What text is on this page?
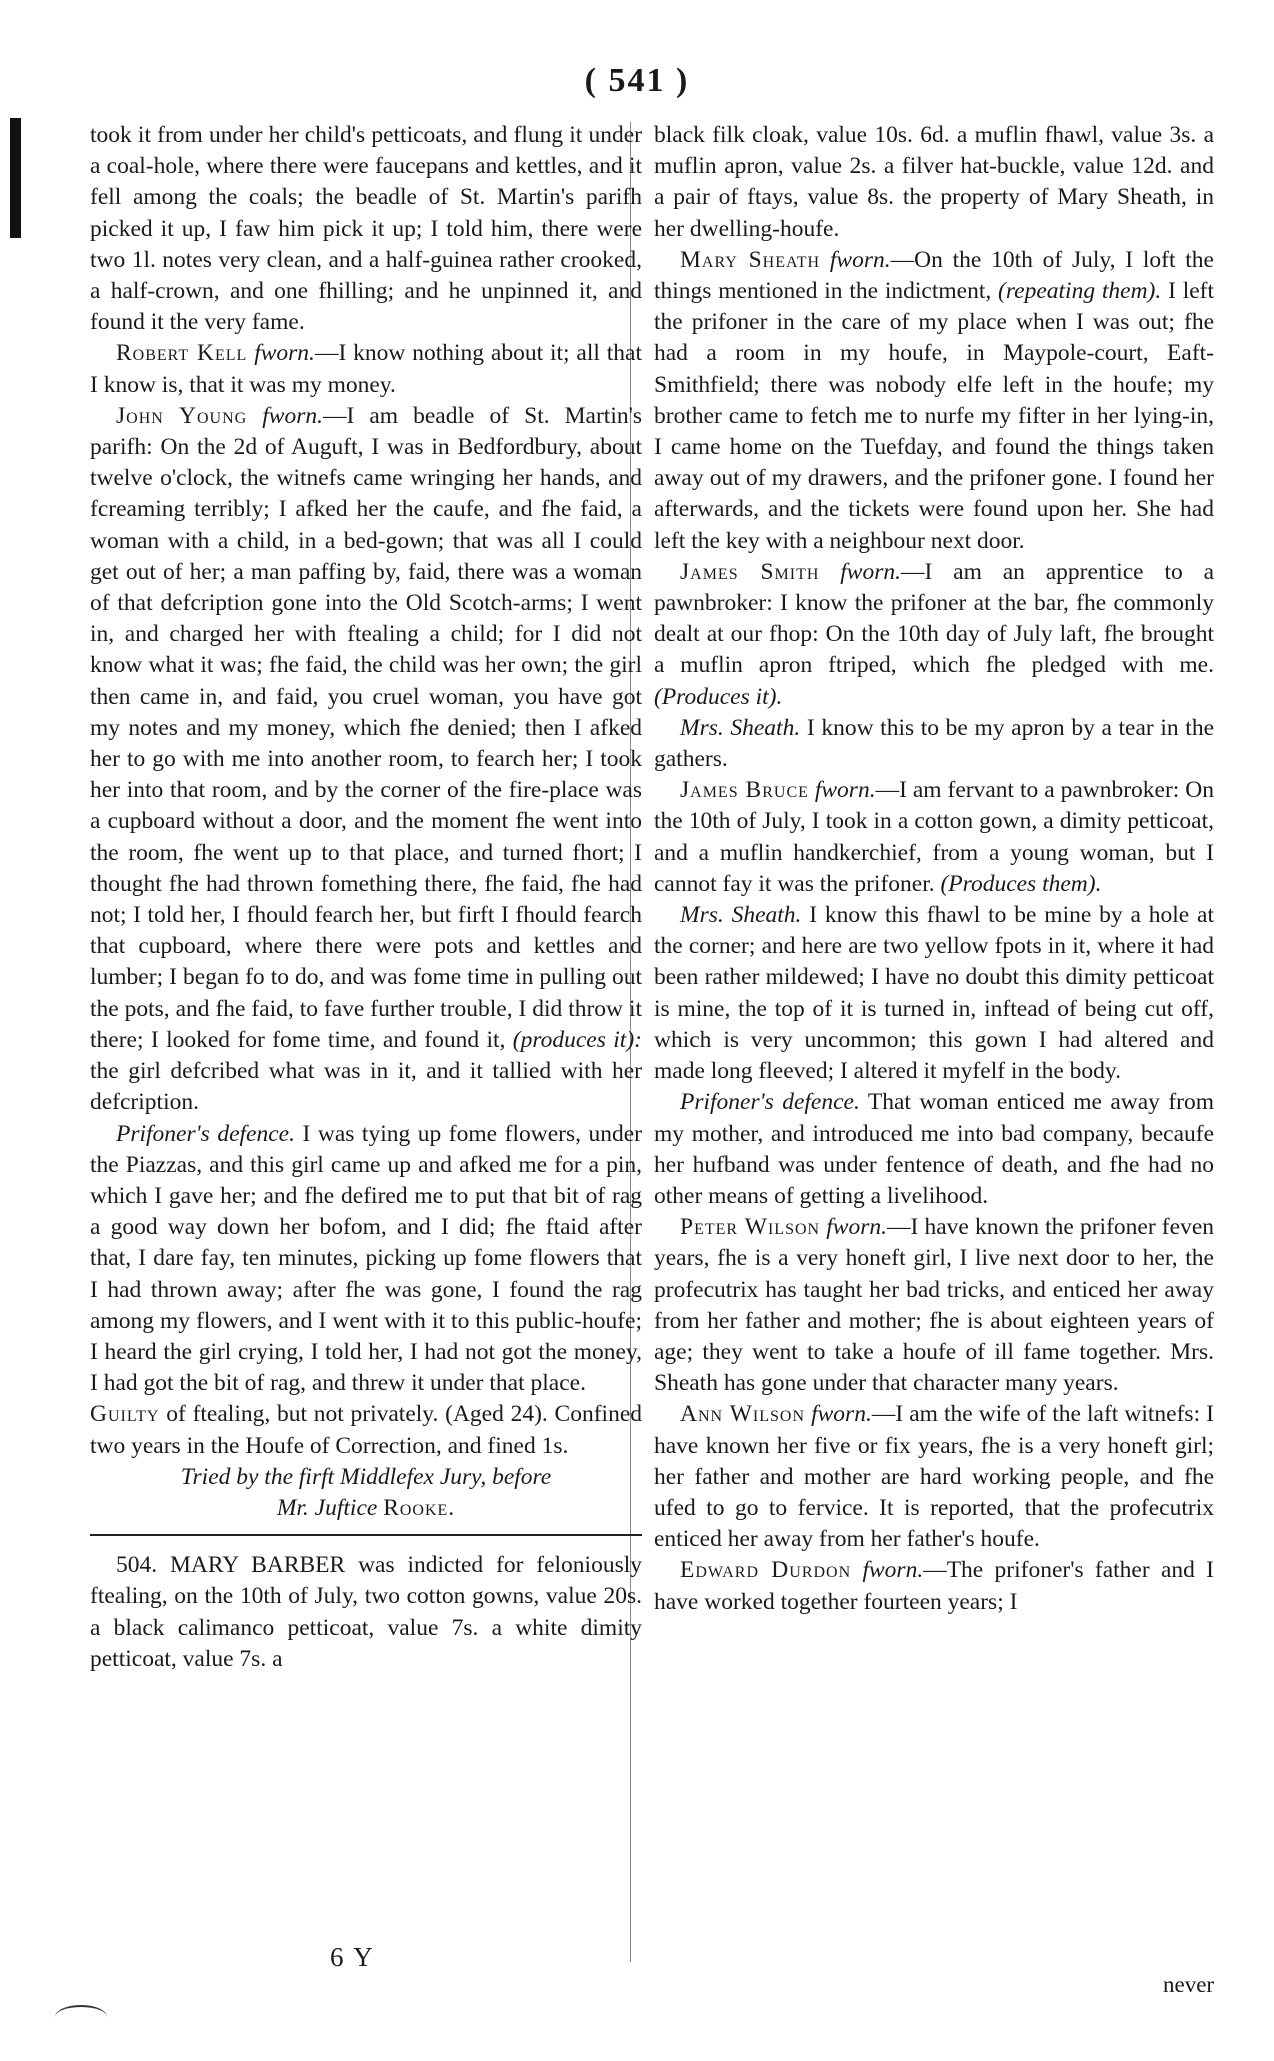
( 541 )

took it from under her child's petticoats, and flung it under a coal-hole, where there were faucepans and kettles, and it fell among the coals; the beadle of St. Martin's parifh picked it up, I faw him pick it up; I told him, there were two 1l. notes very clean, and a half-guinea rather crooked, a half-crown, and one fhilling; and he unpinned it, and found it the very fame.

Robert Kell fworn.—I know nothing about it; all that I know is, that it was my money.

John Young fworn.—I am beadle of St. Martin's parifh: On the 2d of Auguft, I was in Bedfordbury, about twelve o'clock, the witnefs came wringing her hands, and fcreaming terribly; I afked her the caufe, and fhe faid, a woman with a child, in a bed-gown; that was all I could get out of her; a man paffing by, faid, there was a woman of that defcription gone into the Old Scotch-arms; I went in, and charged her with ftealing a child; for I did not know what it was; fhe faid, the child was her own; the girl then came in, and faid, you cruel woman, you have got my notes and my money, which fhe denied; then I afked her to go with me into another room, to fearch her; I took her into that room, and by the corner of the fire-place was a cupboard without a door, and the moment fhe went into the room, fhe went up to that place, and turned fhort; I thought fhe had thrown fomething there, fhe faid, fhe had not; I told her, I fhould fearch her, but firft I fhould fearch that cupboard, where there were pots and kettles and lumber; I began fo to do, and was fome time in pulling out the pots, and fhe faid, to fave further trouble, I did throw it there; I looked for fome time, and found it, (produces it): the girl defcribed what was in it, and it tallied with her defcription.

Prifoner's defence. I was tying up fome flowers, under the Piazzas, and this girl came up and afked me for a pin, which I gave her; and fhe defired me to put that bit of rag a good way down her bofom, and I did; fhe ftaid after that, I dare fay, ten minutes, picking up fome flowers that I had thrown away; after fhe was gone, I found the rag among my flowers, and I went with it to this public-houfe; I heard the girl crying, I told her, I had not got the money, I had got the bit of rag, and threw it under that place.

Guilty of ftealing, but not privately. (Aged 24). Confined two years in the Houfe of Correction, and fined 1s.

Tried by the firft Middlefex Jury, before

Mr. Juftice Rooke.

504. MARY BARBER was indicted for feloniously ftealing, on the 10th of July, two cotton gowns, value 20s. a black calimanco petticoat, value 7s. a white dimity petticoat, value 7s. a

black filk cloak, value 10s. 6d. a muflin fhawl, value 3s. a muflin apron, value 2s. a filver hat-buckle, value 12d. and a pair of ftays, value 8s. the property of Mary Sheath, in her dwelling-houfe.

Mary Sheath fworn.—On the 10th of July, I loft the things mentioned in the indictment, (repeating them). I left the prifoner in the care of my place when I was out; fhe had a room in my houfe, in Maypole-court, Eaft-Smithfield; there was nobody elfe left in the houfe; my brother came to fetch me to nurfe my fifter in her lying-in, I came home on the Tuefday, and found the things taken away out of my drawers, and the prifoner gone. I found her afterwards, and the tickets were found upon her. She had left the key with a neighbour next door.

James Smith fworn.—I am an apprentice to a pawnbroker: I know the prifoner at the bar, fhe commonly dealt at our fhop: On the 10th day of July laft, fhe brought a muflin apron ftriped, which fhe pledged with me. (Produces it).

Mrs. Sheath. I know this to be my apron by a tear in the gathers.

James Bruce fworn.—I am fervant to a pawnbroker: On the 10th of July, I took in a cotton gown, a dimity petticoat, and a muflin handkerchief, from a young woman, but I cannot fay it was the prifoner. (Produces them).

Mrs. Sheath. I know this fhawl to be mine by a hole at the corner; and here are two yellow fpots in it, where it had been rather mildewed; I have no doubt this dimity petticoat is mine, the top of it is turned in, inftead of being cut off, which is very uncommon; this gown I had altered and made long fleeved; I altered it myfelf in the body.

Prifoner's defence. That woman enticed me away from my mother, and introduced me into bad company, becaufe her hufband was under fentence of death, and fhe had no other means of getting a livelihood.

Peter Wilson fworn.—I have known the prifoner feven years, fhe is a very honeft girl, I live next door to her, the profecutrix has taught her bad tricks, and enticed her away from her father and mother; fhe is about eighteen years of age; they went to take a houfe of ill fame together. Mrs. Sheath has gone under that character many years.

Ann Wilson fworn.—I am the wife of the laft witnefs: I have known her five or fix years, fhe is a very honeft girl; her father and mother are hard working people, and fhe ufed to go to fervice. It is reported, that the profecutrix enticed her away from her father's houfe.

Edward Durdon fworn.—The prifoner's father and I have worked together fourteen years; I

6 Y
never
